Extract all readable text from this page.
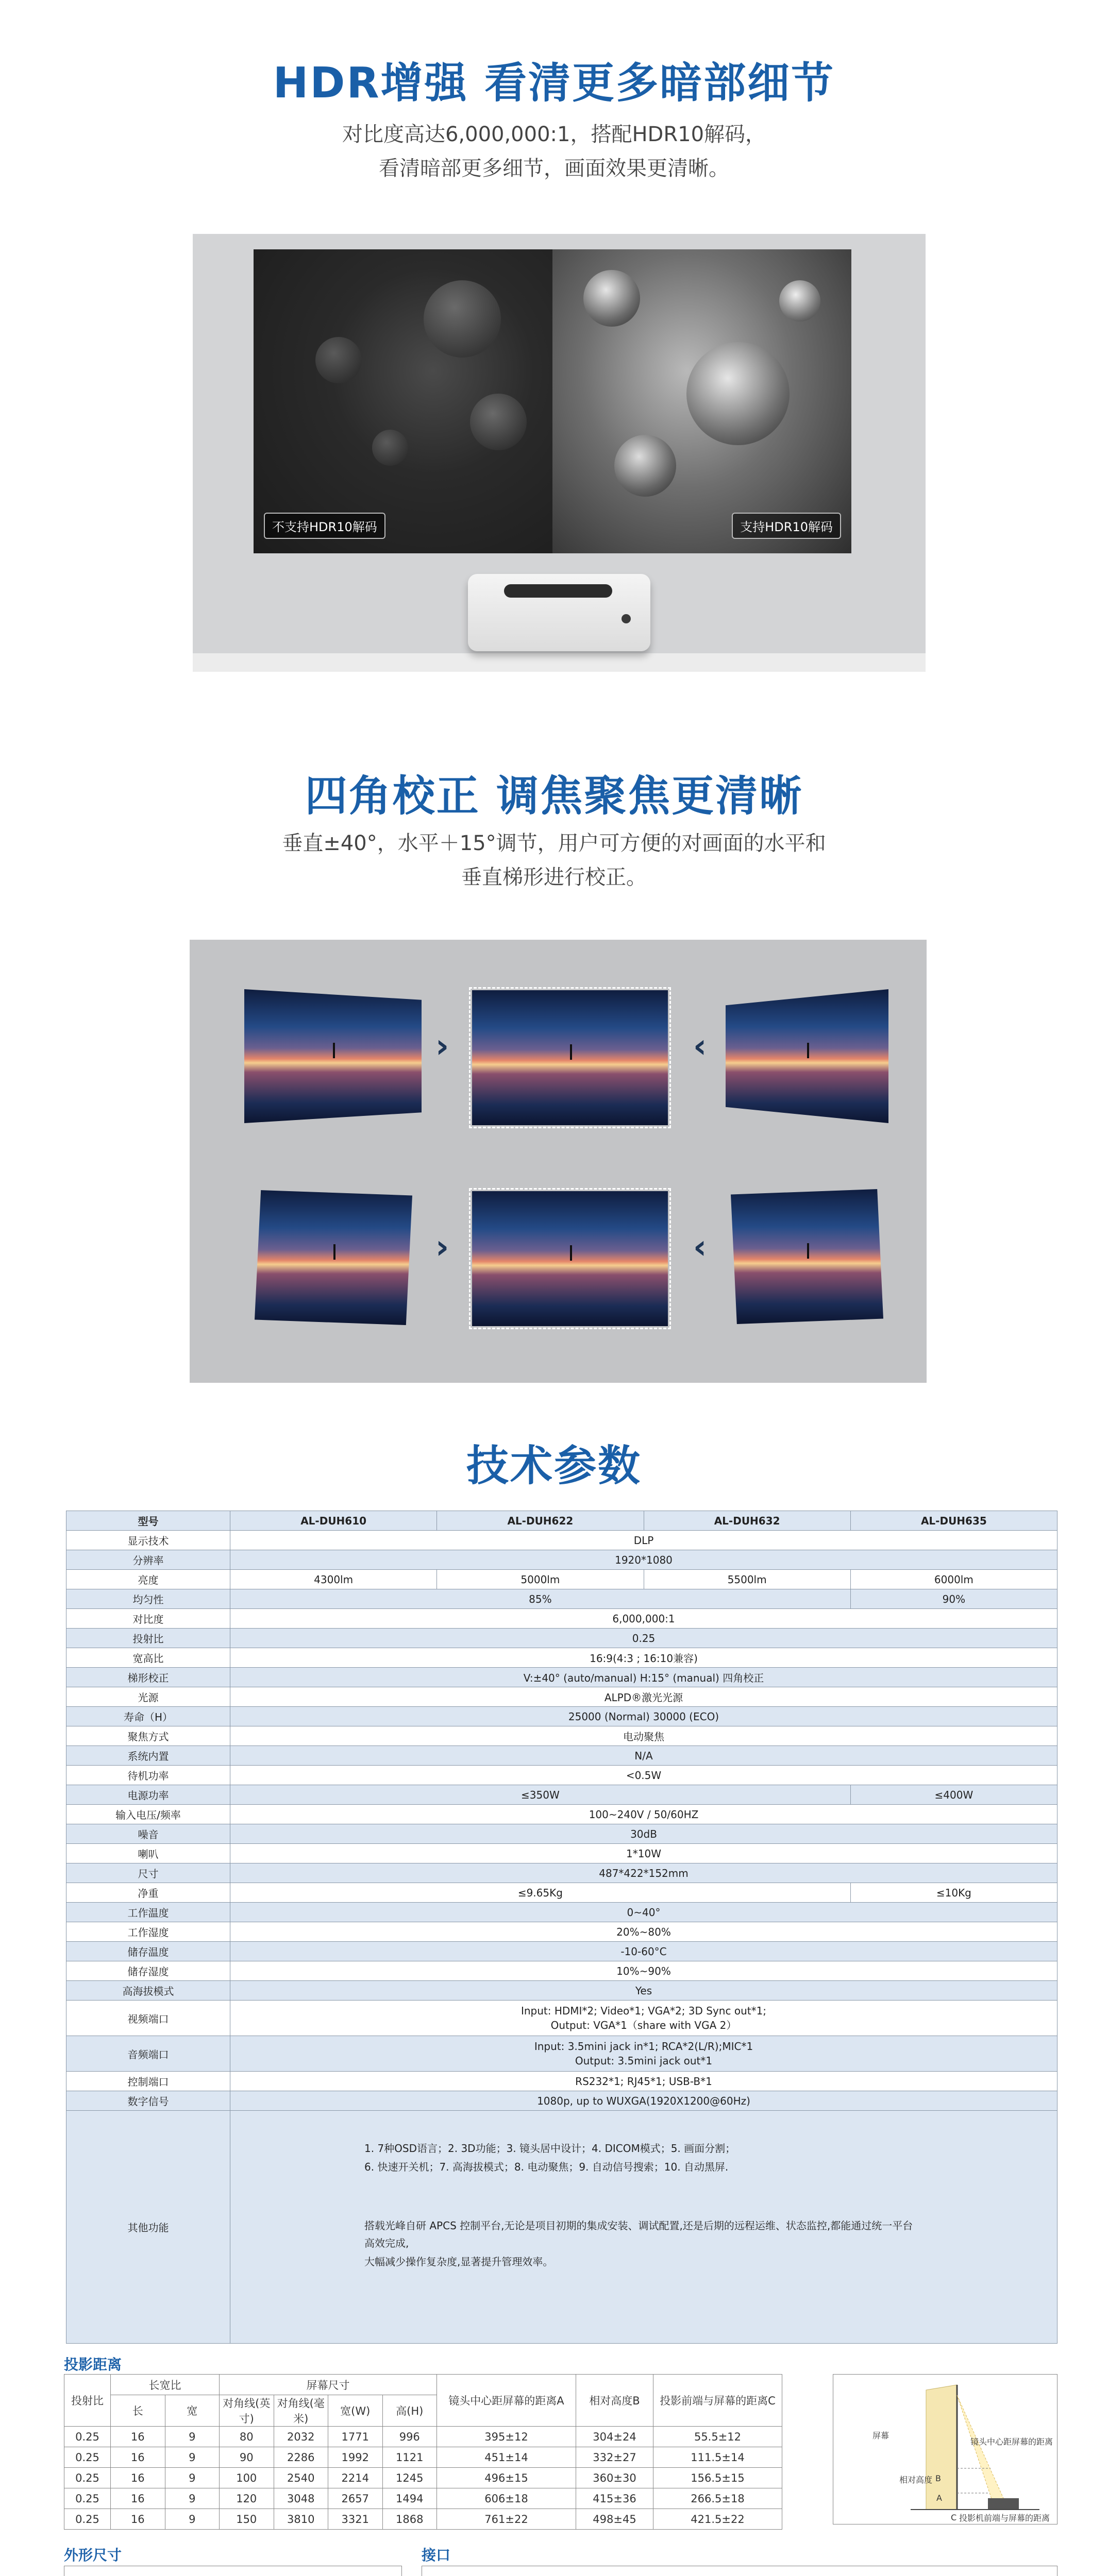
HDR增强 看清更多暗部细节
对比度高达6,000,000:1，搭配HDR10解码，
看清暗部更多细节，画面效果更清晰。
不支持HDR10解码	支持HDR10解码
四角校正 调焦聚焦更清晰
垂直±40°，水平＋15°调节，用户可方便的对画面的水平和
垂直梯形进行校正。
›	‹
›	‹
技术参数
型号	AL-DUH610	AL-DUH622	AL-DUH632	AL-DUH635
显示技术	DLP			
分辨率	1920*1080			
亮度	4300lm	5000lm	5500lm	6000lm
均匀性	85%			90%
对比度	6,000,000:1			
投射比	0.25			
宽高比	16:9(4:3 ; 16:10兼容)			
梯形校正	V:±40° (auto/manual) H:15° (manual) 四角校正			
光源	ALPD®激光光源			
寿命（H）	25000 (Normal) 30000 (ECO)			
聚焦方式	电动聚焦			
系统内置	N/A			
待机功率	<0.5W			
电源功率	≤350W			≤400W
输入电压/频率	100~240V / 50/60HZ			
噪音	30dB			
喇叭	1*10W			
尺寸	487*422*152mm			
净重	≤9.65Kg			≤10Kg
工作温度	0~40°			
工作湿度	20%~80%			
储存温度	-10-60°C			
储存湿度	10%~90%			
高海拔模式	Yes			
视频端口	Input: HDMI*2; Video*1; VGA*2; 3D Sync out*1;
Output: VGA*1（share with VGA 2）			

音频端口	Input: 3.5mini jack in*1; RCA*2(L/R);MIC*1
Output: 3.5mini jack out*1			

控制端口	RS232*1; RJ45*1; USB-B*1			
数字信号	1080p, up to WUXGA(1920X1200@60Hz)			
其他功能	1. 7种OSD语言；2. 3D功能；3. 镜头居中设计；4. DICOM模式；5. 画面分割；

6. 快速开关机；7. 高海拔模式；8. 电动聚焦；9. 自动信号搜索；10. 自动黑屏.

搭载光峰自研 APCS 控制平台,无论是项目初期的集成安装、调试配置,还是后期的远程运维、状态监控,都能通过统一平台高效完成,

大幅减少操作复杂度,显著提升管理效率。			

投影距离
投射比	长宽比		屏幕尺寸				镜头中心距屏幕的距离A	相对高度B	投影前端与屏幕的距离C
	长	宽	对角线(英寸)	对角线(毫米)	宽(W)	高(H)			
0.25	16	9	80	2032	1771	996	395±12	304±24	55.5±12
0.25	16	9	90	2286	1992	1121	451±14	332±27	111.5±14
0.25	16	9	100	2540	2214	1245	496±15	360±30	156.5±15
0.25	16	9	120	3048	2657	1494	606±18	415±36	266.5±18
0.25	16	9	150	3810	3321	1868	761±22	498±45	421.5±22
屏幕
镜头中心距屏幕的距离
相对高度 B
C
A
投影机前端与屏幕的距离
外形尺寸	接口
